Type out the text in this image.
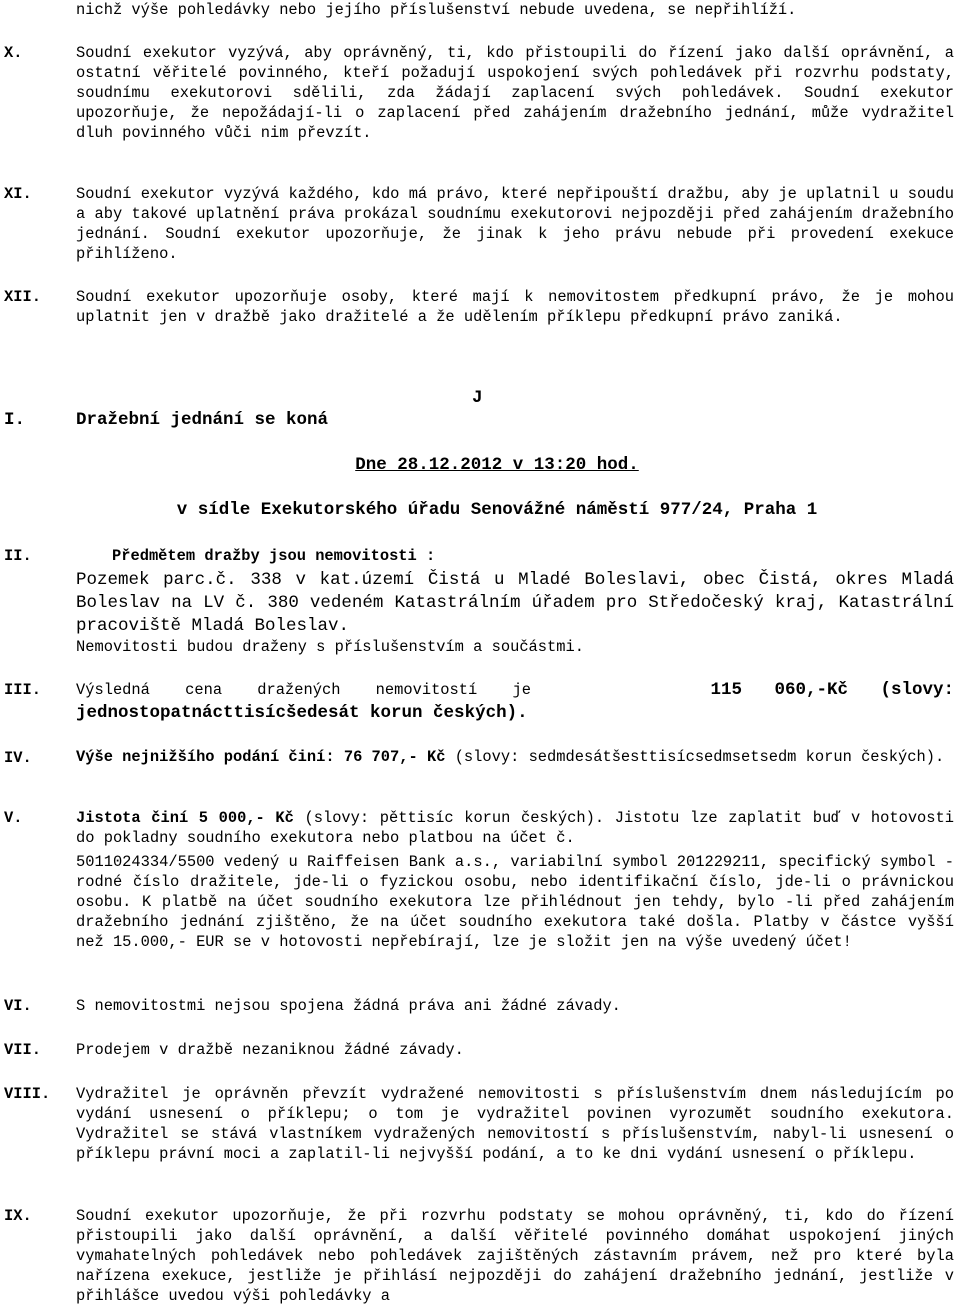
nichž výše pohledávky nebo jejího příslušenství nebude uvedena, se nepřihlíží.
X.	Soudní exekutor vyzývá, aby oprávněný, ti, kdo přistoupili do řízení jako další oprávnění, a ostatní věřitelé povinného, kteří požadují uspokojení svých pohledávek při rozvrhu podstaty, soudnímu exekutorovi sdělili, zda žádají zaplacení svých pohledávek. Soudní exekutor upozorňuje, že nepožádají-li o zaplacení před zahájením dražebního jednání, může vydražitel dluh povinného vůči nim převzít.
XI.	Soudní exekutor vyzývá každého, kdo má právo, které nepřipouští dražbu, aby je uplatnil u soudu a aby takové uplatnění práva prokázal soudnímu exekutorovi nejpozději před zahájením dražebního jednání. Soudní exekutor upozorňuje, že jinak k jeho právu nebude při provedení exekuce přihlíženo.
XII. Soudní exekutor upozorňuje osoby, které mají k nemovitostem předkupní právo, že je mohou uplatnit jen v dražbě jako dražitelé a že udělením příklepu předkupní právo zaniká.
J
I.	Dražební jednání se koná
Dne 28.12.2012 v 13:20 hod.
v sídle Exekutorského úřadu Senovážné náměstí 977/24, Praha 1
II.	Předmětem dražby jsou nemovitosti :
Pozemek parc.č. 338 v kat.území Čistá u Mladé Boleslavi, obec Čistá, okres Mladá Boleslav na LV č. 380 vedeném Katastrálním úřadem pro Středočeský kraj, Katastrální pracoviště Mladá Boleslav.
Nemovitosti budou draženy s příslušenstvím a součástmi.
III. Výsledná cena dražených nemovitostí je	115 060,-Kč (slovy:
jednostopatnácttisícšedesát korun českých).
IV.	Výše nejnižšího podání činí: 76 707,- Kč (slovy: sedmdesátšesttisícsedmsetsedm korun českých).
V.	Jistota činí 5 000,- Kč (slovy: pěttisíc korun českých). Jistotu lze zaplatit buď v hotovosti do pokladny soudního exekutora nebo platbou na účet č.
5011024334/5500 vedený u Raiffeisen Bank a.s., variabilní symbol 201229211, specifický symbol - rodné číslo dražitele, jde-li o fyzickou osobu, nebo identifikační číslo, jde-li o právnickou osobu. K platbě na účet soudního exekutora lze přihlédnout jen tehdy, bylo -li před zahájením dražebního jednání zjištěno, že na účet soudního exekutora také došla. Platby v částce vyšší než 15.000,- EUR se v hotovosti nepřebírají, lze je složit jen na výše uvedený účet!
VI.	S nemovitostmi nejsou spojena žádná práva ani žádné závady.
VII. Prodejem v dražbě nezaniknou žádné závady.
VIII. Vydražitel je oprávněn převzít vydražené nemovitosti s příslušenstvím dnem následujícím po vydání usnesení o příklepu; o tom je vydražitel povinen vyrozumět soudního exekutora. Vydražitel se stává vlastníkem vydražených nemovitostí s příslušenstvím, nabyl-li usnesení o příklepu právní moci a zaplatil-li nejvyšší podání, a to ke dni vydání usnesení o příklepu.
IX.	Soudní exekutor upozorňuje, že při rozvrhu podstaty se mohou oprávněný, ti, kdo do řízení přistoupili jako další oprávnění, a další věřitelé povinného domáhat uspokojení jiných vymahatelných pohledávek nebo pohledávek zajištěných zástavním právem, než pro které byla nařízena exekuce, jestliže je přihlásí nejpozději do zahájení dražebního jednání, jestliže v přihlášce uvedou výši pohledávky a
